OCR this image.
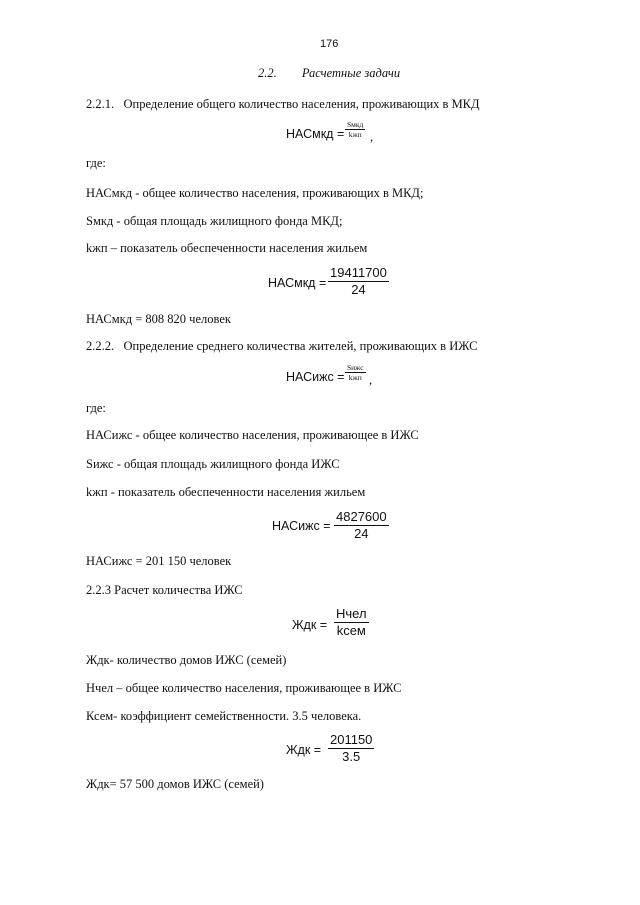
176
2.2. Расчетные задачи
2.2.1.   Определение общего количество населения, проживающих в МКД
НАСмкд =
Sмкд
kжп ,
где:
НАСмкд - общее количество населения, проживающих в МКД;
Sмкд - общая площадь жилищного фонда МКД;
kжп – показатель обеспеченности населения жильем
НАСмкд =
19411700
24
НАСмкд = 808 820 человек
2.2.2.   Определение среднего количества жителей, проживающих в ИЖС
НАСижс =
Sижс
kжп ,
где:
НАСижс - общее количество населения, проживающее в ИЖС
Sижс - общая площадь жилищного фонда ИЖС
kжп - показатель обеспеченности населения жильем
НАСижс =
4827600
24
НАСижс = 201 150 человек
2.2.3 Расчет количества ИЖС
Ждк =
Нчел
kсем
Ждк- количество домов ИЖС (семей)
Нчел – общее количество населения, проживающее в ИЖС
Ксем- коэффициент семейственности. 3.5 человека.
Ждк =
201150
3.5
Ждк= 57 500 домов ИЖС (семей)
